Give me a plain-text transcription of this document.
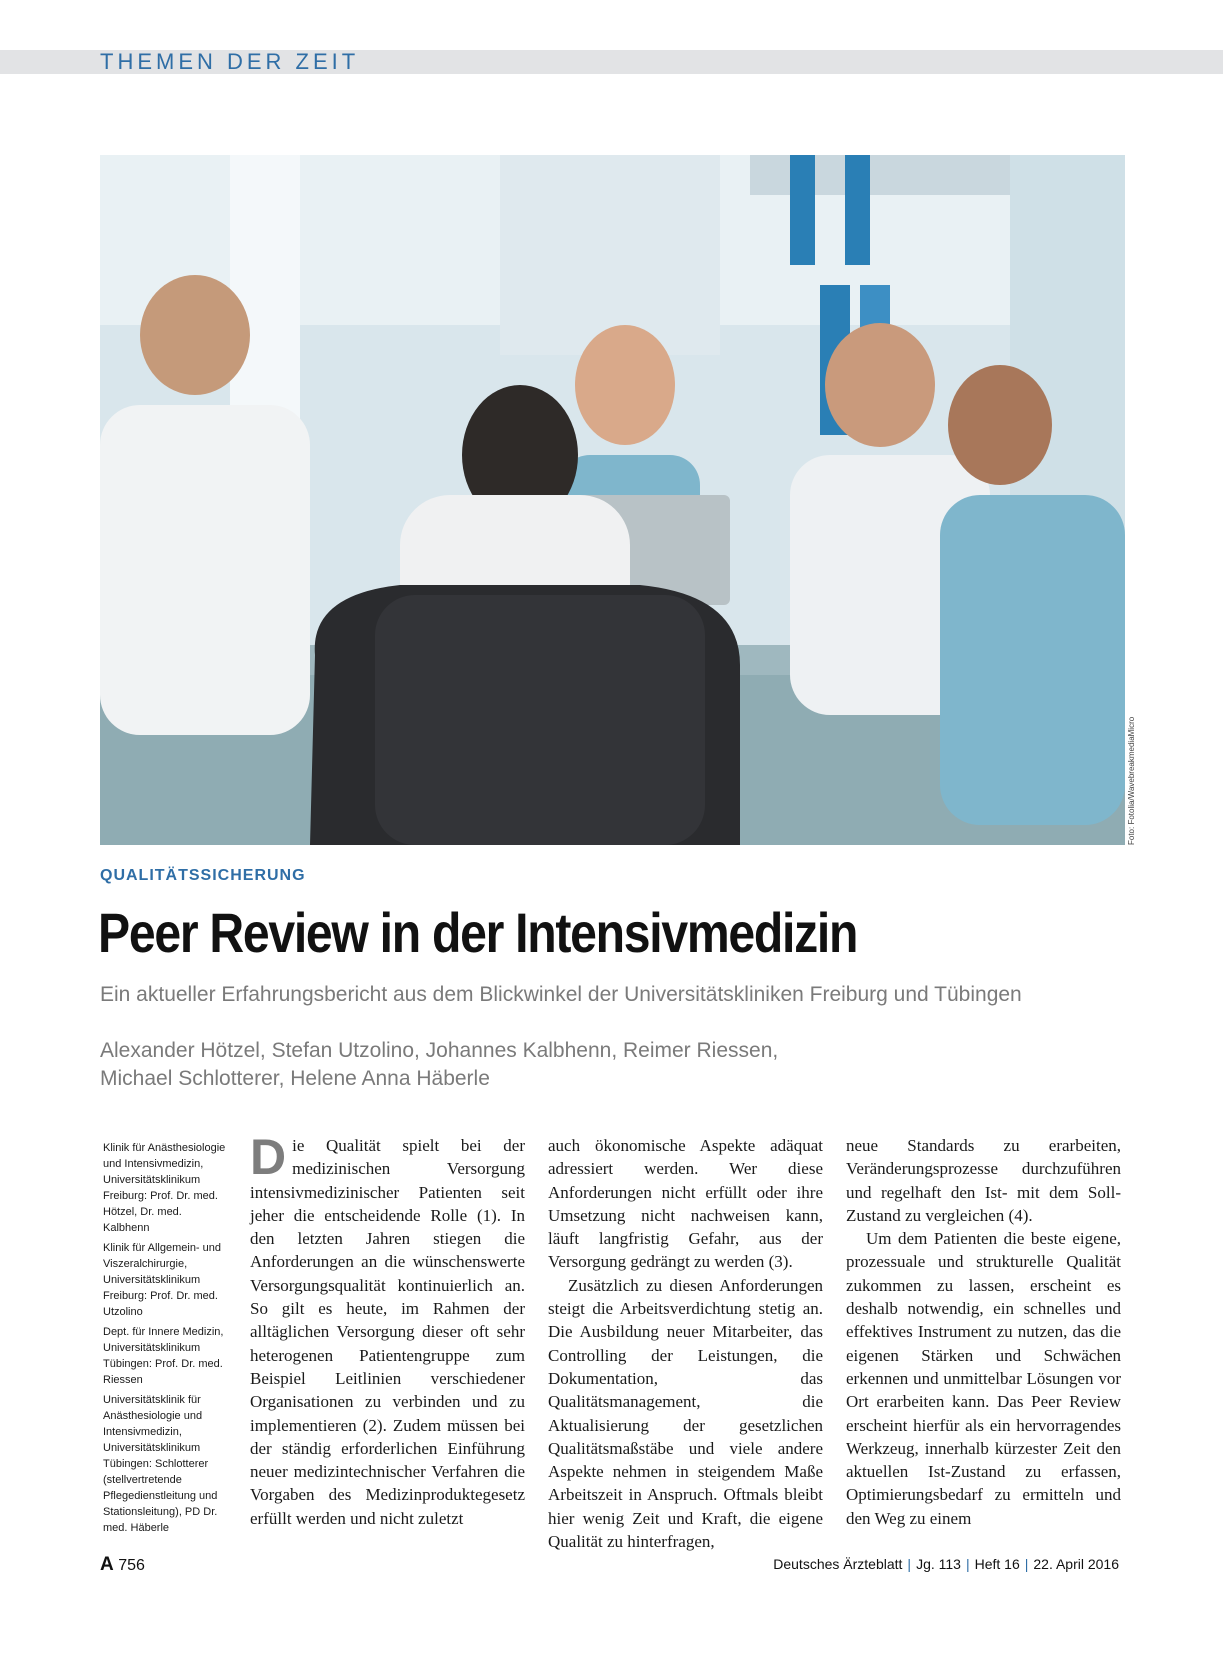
THEMEN DER ZEIT
Foto: Fotolia/WavebreakmediaMicro
QUALITÄTSSICHERUNG
Peer Review in der Intensivmedizin
Ein aktueller Erfahrungsbericht aus dem Blickwinkel der Universitätskliniken Freiburg und Tübingen
Alexander Hötzel, Stefan Utzolino, Johannes Kalbhenn, Reimer Riessen,
Michael Schlotterer, Helene Anna Häberle

Klinik für Anästhesiologie und Intensivmedizin, Universitätsklinikum Freiburg: Prof. Dr. med. Hötzel, Dr. med. Kalbhenn

Klinik für Allgemein- und Viszeralchirurgie, Universitätsklinikum Freiburg: Prof. Dr. med. Utzolino

Dept. für Innere Medizin, Universitätsklinikum Tübingen: Prof. Dr. med. Riessen

Universitätsklinik für Anästhesiologie und Intensivmedizin, Universitätsklinikum Tübingen: Schlotterer (stellvertretende Pflegedienstleitung und Stationsleitung), PD Dr. med. Häberle

D ie Qualität spielt bei der medizinischen Versorgung intensivmedizinischer Patienten seit jeher die entscheidende Rolle (1). In den letzten Jahren stiegen die Anforderungen an die wünschenswerte Versorgungsqualität kontinuierlich an. So gilt es heute, im Rahmen der alltäglichen Versorgung dieser oft sehr heterogenen Patientengruppe zum Beispiel Leitlinien verschiedener Organisationen zu verbinden und zu implementieren (2). Zudem müssen bei der ständig erforderlichen Einführung neuer medizintechnischer Verfahren die Vorgaben des Medizinproduktegesetz erfüllt werden und nicht zuletzt

auch ökonomische Aspekte adäquat adressiert werden. Wer diese Anforderungen nicht erfüllt oder ihre Umsetzung nicht nachweisen kann, läuft langfristig Gefahr, aus der Versorgung gedrängt zu werden (3).

Zusätzlich zu diesen Anforderungen steigt die Arbeitsverdichtung stetig an. Die Ausbildung neuer Mitarbeiter, das Controlling der Leistungen, die Dokumentation, das Qualitätsmanagement, die Aktualisierung der gesetzlichen Qualitätsmaßstäbe und viele andere Aspekte nehmen in steigendem Maße Arbeitszeit in Anspruch. Oftmals bleibt hier wenig Zeit und Kraft, die eigene Qualität zu hinterfragen,

neue Standards zu erarbeiten, Veränderungsprozesse durchzuführen und regelhaft den Ist- mit dem Soll-Zustand zu vergleichen (4).

Um dem Patienten die beste eigene, prozessuale und strukturelle Qualität zukommen zu lassen, erscheint es deshalb notwendig, ein schnelles und effektives Instrument zu nutzen, das die eigenen Stärken und Schwächen erkennen und unmittelbar Lösungen vor Ort erarbeiten kann. Das Peer Review erscheint hierfür als ein hervorragendes Werkzeug, innerhalb kürzester Zeit den aktuellen Ist-Zustand zu erfassen, Optimierungsbedarf zu ermitteln und den Weg zu einem

A 756	Deutsches Ärzteblatt | Jg. 113 | Heft 16 | 22. April 2016
